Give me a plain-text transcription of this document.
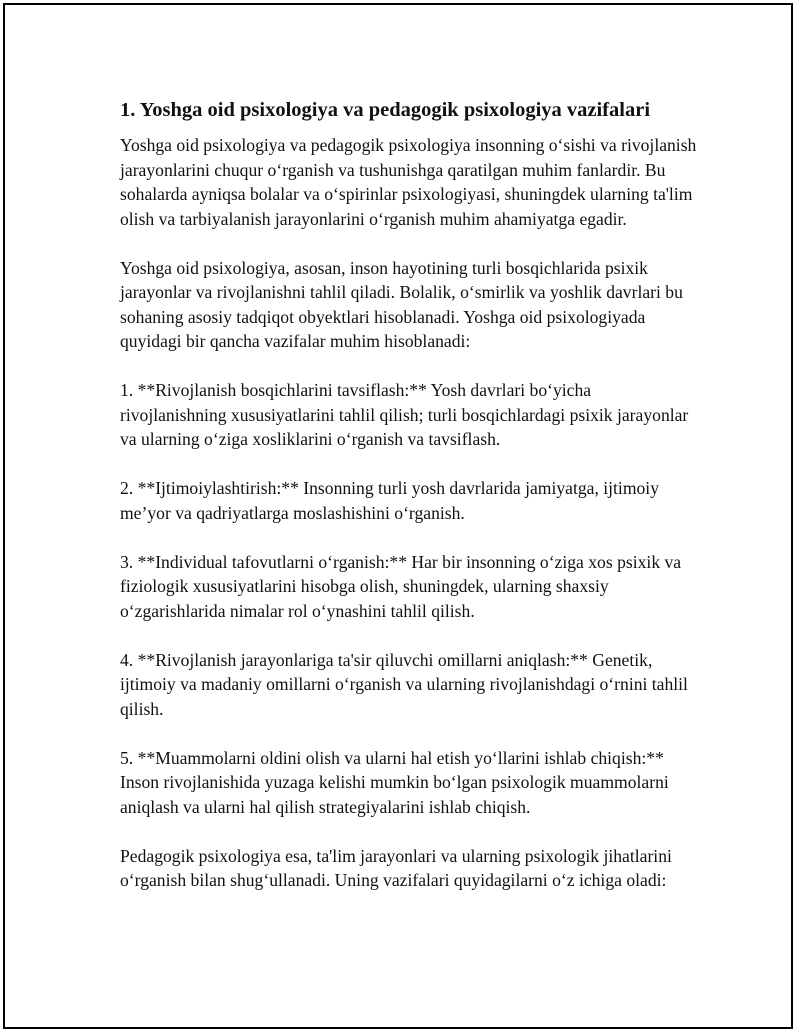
1. Yoshga oid psixologiya va pedagogik psixologiya vazifalari

Yoshga oid psixologiya va pedagogik psixologiya insonning o‘sishi va rivojlanish jarayonlarini chuqur o‘rganish va tushunishga qaratilgan muhim fanlardir. Bu sohalarda ayniqsa bolalar va o‘spirinlar psixologiyasi, shuningdek ularning ta'lim olish va tarbiyalanish jarayonlarini o‘rganish muhim ahamiyatga egadir.

Yoshga oid psixologiya, asosan, inson hayotining turli bosqichlarida psixik jarayonlar va rivojlanishni tahlil qiladi. Bolalik, o‘smirlik va yoshlik davrlari bu sohaning asosiy tadqiqot obyektlari hisoblanadi. Yoshga oid psixologiyada quyidagi bir qancha vazifalar muhim hisoblanadi:

1. **Rivojlanish bosqichlarini tavsiflash:** Yosh davrlari bo‘yicha rivojlanishning xususiyatlarini tahlil qilish; turli bosqichlardagi psixik jarayonlar va ularning o‘ziga xosliklarini o‘rganish va tavsiflash.

2. **Ijtimoiylashtirish:** Insonning turli yosh davrlarida jamiyatga, ijtimoiy me’yor va qadriyatlarga moslashishini o‘rganish.

3. **Individual tafovutlarni o‘rganish:** Har bir insonning o‘ziga xos psixik va fiziologik xususiyatlarini hisobga olish, shuningdek, ularning shaxsiy o‘zgarishlarida nimalar rol o‘ynashini tahlil qilish.

4. **Rivojlanish jarayonlariga ta'sir qiluvchi omillarni aniqlash:** Genetik, ijtimoiy va madaniy omillarni o‘rganish va ularning rivojlanishdagi o‘rnini tahlil qilish.

5. **Muammolarni oldini olish va ularni hal etish yo‘llarini ishlab chiqish:** Inson rivojlanishida yuzaga kelishi mumkin bo‘lgan psixologik muammolarni aniqlash va ularni hal qilish strategiyalarini ishlab chiqish.

Pedagogik psixologiya esa, ta'lim jarayonlari va ularning psixologik jihatlarini o‘rganish bilan shug‘ullanadi. Uning vazifalari quyidagilarni o‘z ichiga oladi:
